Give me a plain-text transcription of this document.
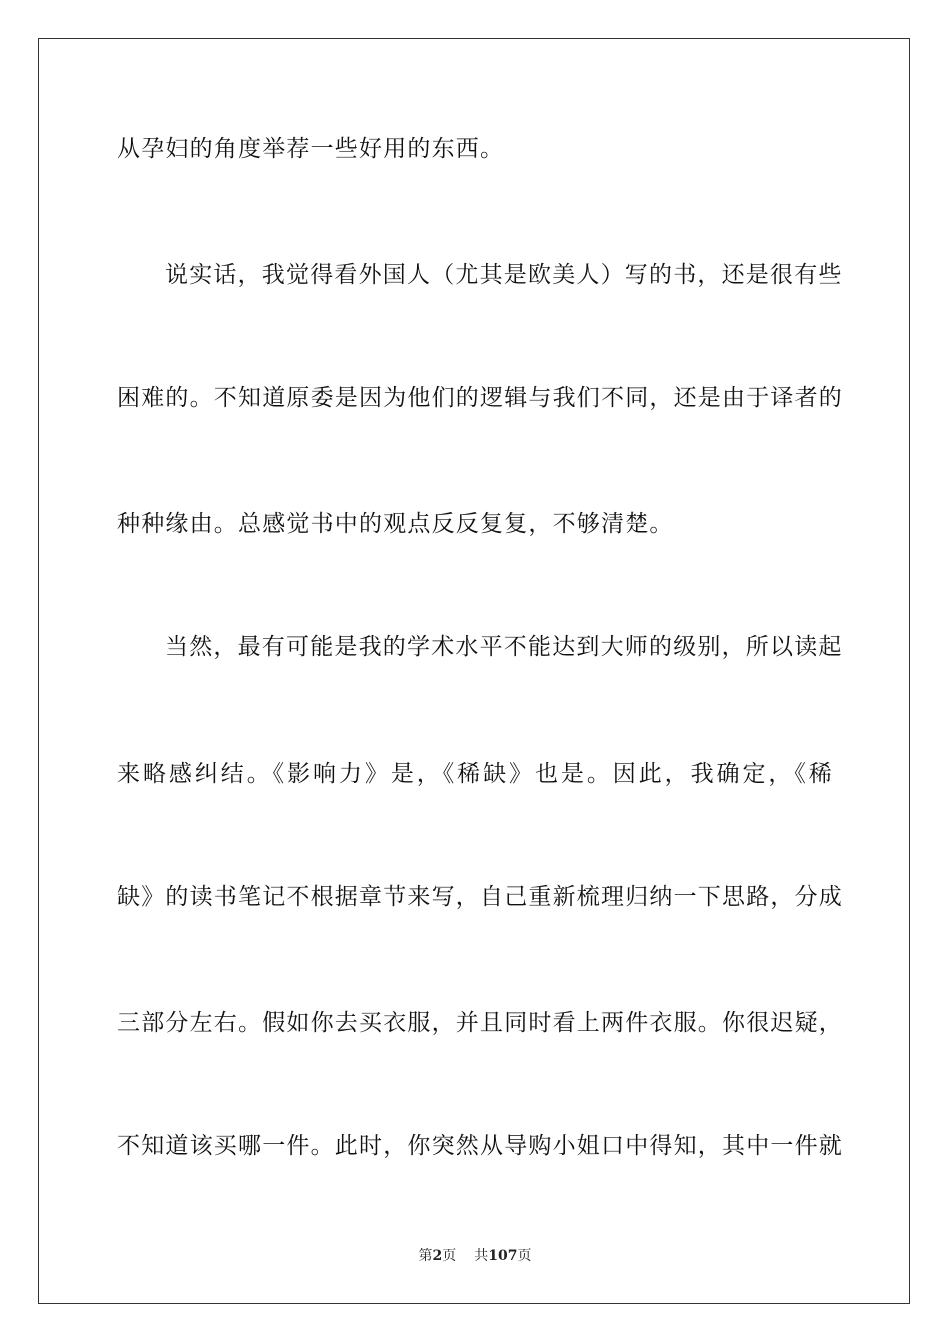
从孕妇的角度举荐一些好用的东西。
说实话，我觉得看外国人（尤其是欧美人）写的书，还是很有些
困难的。不知道原委是因为他们的逻辑与我们不同，还是由于译者的
种种缘由。总感觉书中的观点反反复复，不够清楚。
当然，最有可能是我的学术水平不能达到大师的级别，所以读起
来略感纠结。《影响力》是，《稀缺》也是。因此，我确定，《稀
缺》的读书笔记不根据章节来写，自己重新梳理归纳一下思路，分成
三部分左右。假如你去买衣服，并且同时看上两件衣服。你很迟疑，
不知道该买哪一件。此时，你突然从导购小姐口中得知，其中一件就
第2页 共107页
